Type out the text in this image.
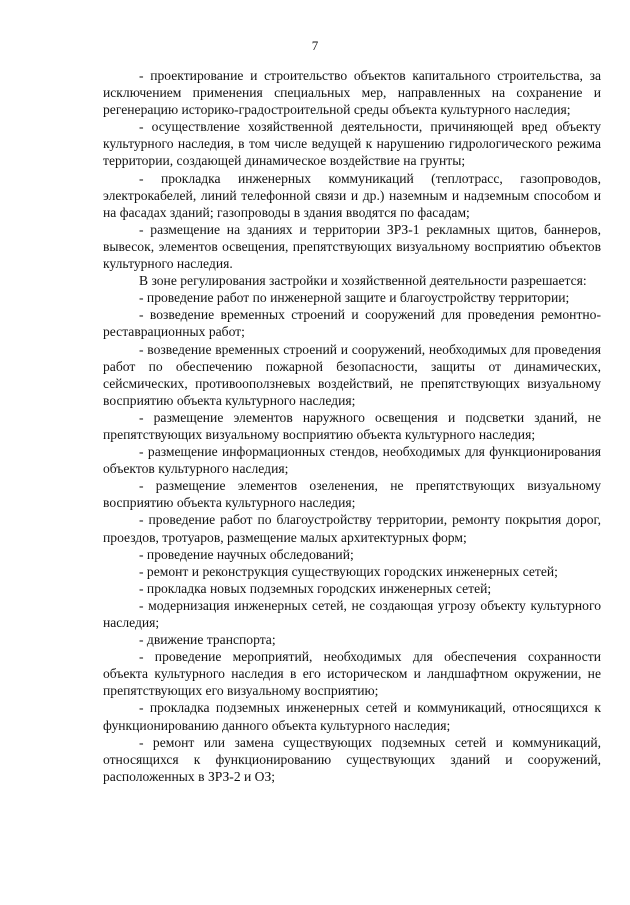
7

- проектирование и строительство объектов капитального строительства, за исключением применения специальных мер, направленных на сохранение и регенерацию историко-градостроительной среды объекта культурного наследия;

- осуществление хозяйственной деятельности, причиняющей вред объекту культурного наследия, в том числе ведущей к нарушению гидрологического режима территории, создающей динамическое воздействие на грунты;

- прокладка инженерных коммуникаций (теплотрасс, газопроводов, электрокабелей, линий телефонной связи и др.) наземным и надземным способом и на фасадах зданий; газопроводы в здания вводятся по фасадам;

- размещение на зданиях и территории ЗРЗ-1 рекламных щитов, баннеров, вывесок, элементов освещения, препятствующих визуальному восприятию объектов культурного наследия.

В зоне регулирования застройки и хозяйственной деятельности разрешается:

- проведение работ по инженерной защите и благоустройству территории;

- возведение временных строений и сооружений для проведения ремонтно-реставрационных работ;

- возведение временных строений и сооружений, необходимых для проведения работ по обеспечению пожарной безопасности, защиты от динамических, сейсмических, противооползневых воздействий, не препятствующих визуальному восприятию объекта культурного наследия;

- размещение элементов наружного освещения и подсветки зданий, не препятствующих визуальному восприятию объекта культурного наследия;

- размещение информационных стендов, необходимых для функционирования объектов культурного наследия;

- размещение элементов озеленения, не препятствующих визуальному восприятию объекта культурного наследия;

- проведение работ по благоустройству территории, ремонту покрытия дорог, проездов, тротуаров, размещение малых архитектурных форм;

- проведение научных обследований;

- ремонт и реконструкция существующих городских инженерных сетей;

- прокладка новых подземных городских инженерных сетей;

- модернизация инженерных сетей, не создающая угрозу объекту культурного наследия;

- движение транспорта;

- проведение мероприятий, необходимых для обеспечения сохранности объекта культурного наследия в его историческом и ландшафтном окружении, не препятствующих его визуальному восприятию;

- прокладка подземных инженерных сетей и коммуникаций, относящихся к функционированию данного объекта культурного наследия;

- ремонт или замена существующих подземных сетей и коммуникаций, относящихся к функционированию существующих зданий и сооружений, расположенных в ЗРЗ-2 и ОЗ;
